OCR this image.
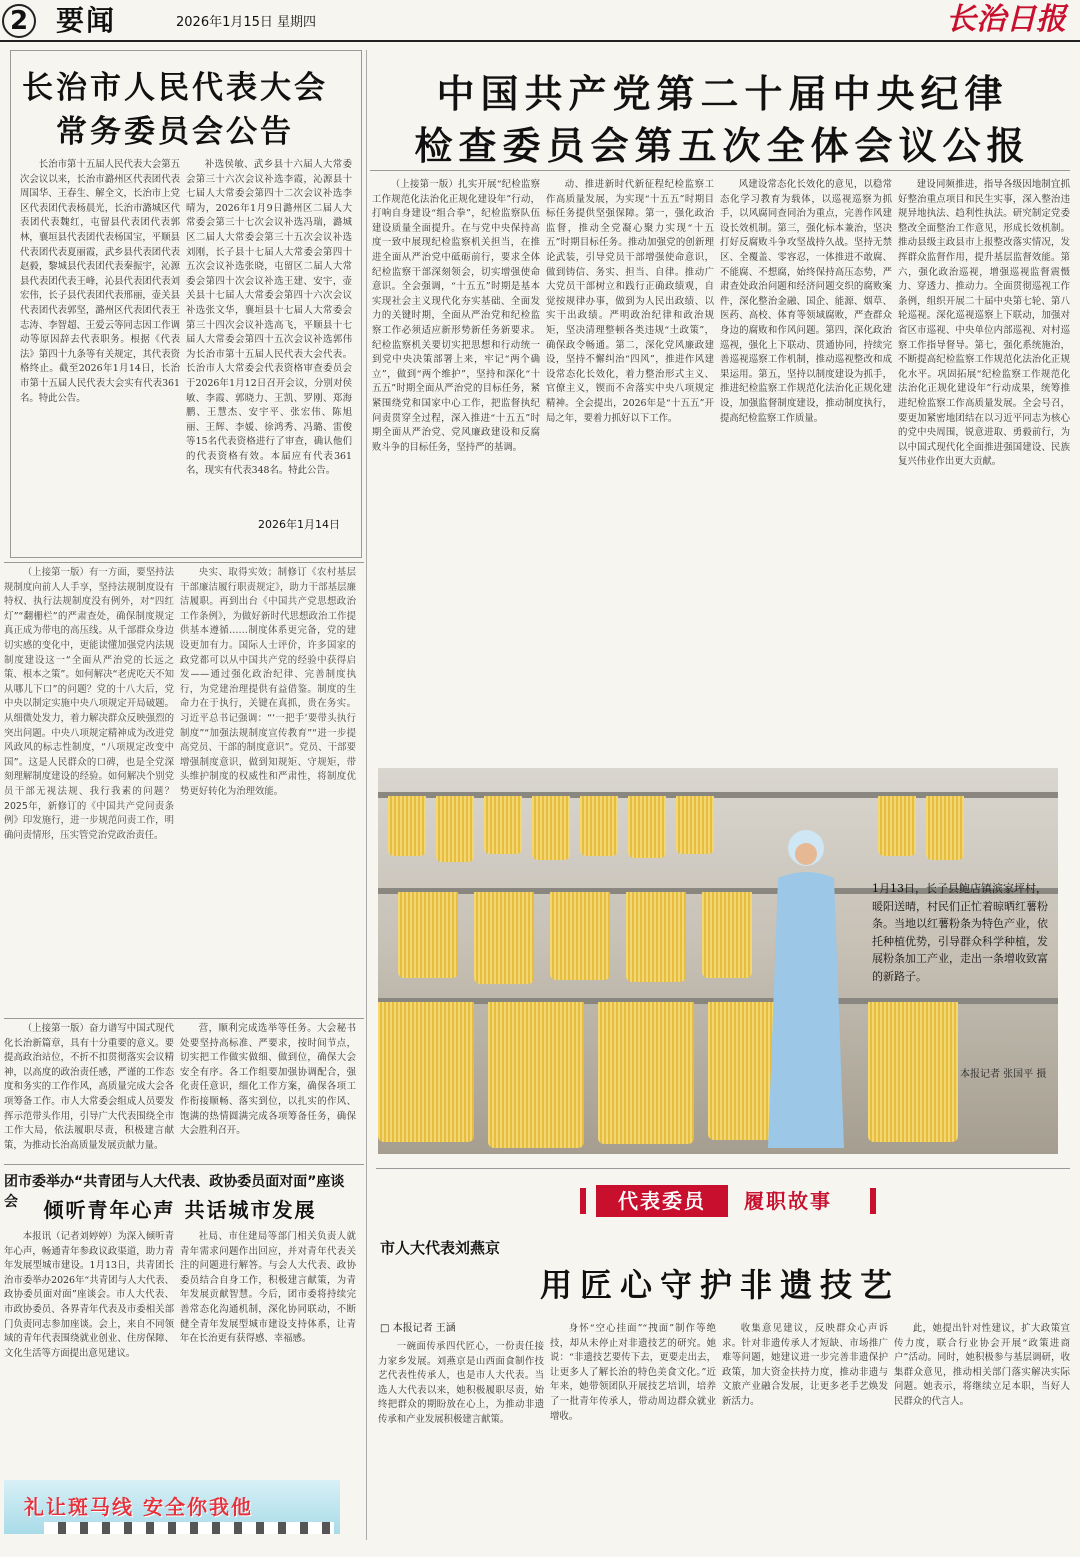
2 要闻	2026年1月15日 星期四	长治日报
长治市人民代表大会
常务委员会公告

长治市第十五届人民代表大会第五次会议以来，长治市潞州区代表团代表周国华、王春生、解全文，长治市上党区代表团代表杨晨光，长治市潞城区代表团代表魏红，屯留县代表团代表郭林，襄垣县代表团代表杨国宝，平顺县代表团代表夏丽霞，武乡县代表团代表赵毅，黎城县代表团代表秦振宇，沁源县代表团代表王峰，沁县代表团代表刘宏伟，长子县代表团代表邢丽，壶关县代表团代表郭坚，潞州区代表团代表王志涛、李智超、王爱云等同志因工作调动等原因辞去代表职务。根据《代表法》第四十九条等有关规定，其代表资格终止。截至2026年1月14日，长治市第十五届人民代表大会实有代表361名。特此公告。

补选侯敏、武乡县十六届人大常委会第三十六次会议补选李霞，沁源县十七届人大常委会第四十二次会议补选李晴为，2026年1月9日潞州区二届人大常委会第三十七次会议补选冯瑞，潞城区二届人大常委会第三十五次会议补选刘刚，长子县十七届人大常委会第四十五次会议补选张晓，屯留区二届人大常委会第四十次会议补选王建、安宇，壶关县十七届人大常委会第四十六次会议补选张文华，襄垣县十七届人大常委会第三十四次会议补选高飞，平顺县十七届人大常委会第四十五次会议补选郭伟为长治市第十五届人民代表大会代表。长治市人大常委会代表资格审查委员会于2026年1月12日召开会议，分别对侯敏、李霞、郭晓力、王凯、罗刚、郑海鹏、王慧杰、安宇平、张宏伟、陈旭丽、王辉、李媛、徐鸿秀、冯璐、雷俊等15名代表资格进行了审查，确认他们的代表资格有效。本届应有代表361名，现实有代表348名。特此公告。

2026年1月14日
中国共产党第二十届中央纪律
检查委员会第五次全体会议公报

（上接第一版）扎实开展“纪检监察工作规范化法治化正规化建设年”行动，打响自身建设“组合拳”，纪检监察队伍建设质量全面提升。在与党中央保持高度一致中展现纪检监察机关担当，在推进全面从严治党中砥砺前行，要求全体纪检监察干部深刻领会，切实增强使命意识。全会强调，“十五五”时期是基本实现社会主义现代化夯实基础、全面发力的关键时期，全面从严治党和纪检监察工作必须适应新形势新任务新要求。纪检监察机关要切实把思想和行动统一到党中央决策部署上来，牢记“两个确立”，做到“两个维护”，坚持和深化“十五五”时期全面从严治党的目标任务，紧紧围绕党和国家中心工作，把监督执纪问责贯穿全过程，深入推进“十五五”时期全面从严治党、党风廉政建设和反腐败斗争的目标任务，坚持严的基调。

动、推进新时代新征程纪检监察工作高质量发展，为实现“十五五”时期目标任务提供坚强保障。第一，强化政治监督，推动全党凝心聚力实现“十五五”时期目标任务。推动加强党的创新理论武装，引导党员干部增强使命意识，做到铸信、务实、担当、自律。推动广大党员干部树立和践行正确政绩观，自觉按规律办事，做到为人民出政绩、以实干出政绩。严明政治纪律和政治规矩，坚决清理整顿各类违规“土政策”，确保政令畅通。第二，深化党风廉政建设，坚持不懈纠治“四风”，推进作风建设常态化长效化，着力整治形式主义、官僚主义，锲而不舍落实中央八项规定精神。全会提出，2026年是“十五五”开局之年，要着力抓好以下工作。

风建设常态化长效化的意见，以稳常态化学习教育为载体，以巡视巡察为抓手，以风腐同查同治为重点，完善作风建设长效机制。第三，强化标本兼治，坚决打好反腐败斗争攻坚战持久战。坚持无禁区、全覆盖、零容忍，一体推进不敢腐、不能腐、不想腐，始终保持高压态势，严肃查处政治问题和经济问题交织的腐败案件，深化整治金融、国企、能源、烟草、医药、高校、体育等领域腐败，严查群众身边的腐败和作风问题。第四，深化政治巡视，强化上下联动、贯通协同，持续完善巡视巡察工作机制，推动巡视整改和成果运用。第五，坚持以制度建设为抓手，推进纪检监察工作规范化法治化正规化建设，加强监督制度建设，推动制度执行，提高纪检监察工作质量。

建设同频推进，指导各级因地制宜抓好整治重点项目和民生实事，深入整治违规异地执法、趋利性执法。研究制定党委整改全面整治工作意见，形成长效机制。推动县级主政县市上报整改落实情况，发挥群众监督作用，提升基层监督效能。第六，强化政治巡视，增强巡视监督震慑力、穿透力、推动力。全面贯彻巡视工作条例，组织开展二十届中央第七轮、第八轮巡视。深化巡视巡察上下联动，加强对省区市巡视、中央单位内部巡视、对村巡察工作指导督导。第七，强化系统施治，不断提高纪检监察工作规范化法治化正规化水平。巩固拓展“纪检监察工作规范化法治化正规化建设年”行动成果，统筹推进纪检监察工作高质量发展。全会号召，要更加紧密地团结在以习近平同志为核心的党中央周围，锐意进取、勇毅前行，为以中国式现代化全面推进强国建设、民族复兴伟业作出更大贡献。

（上接第一版）有一方面，要坚持法规制度向前人人手享，坚持法规制度设有特权、执行法规制度没有例外，对“四红灯”“翻栅栏”的严肃查处，确保制度规定真正成为带电的高压线。从千部群众身边切实感的变化中，更能读懂加强党内法规制度建设这一“全面从严治党的长远之策、根本之策”。如何解决“老虎吃天不知从哪儿下口”的问题？党的十八大后，党中央以制定实施中央八项规定开局破题。从细微处发力，着力解决群众反映强烈的突出问题。中央八项规定精神成为改进党风政风的标志性制度，“八项规定改变中国”。这是人民群众的口碑，也是全党深刻理解制度建设的经验。如何解决个别党员干部无视法规、我行我素的问题？2025年，新修订的《中国共产党问责条例》印发施行，进一步规范问责工作，明确问责情形，压实管党治党政治责任。

央实、取得实效；制修订《农村基层干部廉洁履行职责规定》，助力干部基层廉洁履职。再到出台《中国共产党思想政治工作条例》，为做好新时代思想政治工作提供基本遵循……制度体系更完备，党的建设更加有力。国际人士评价，许多国家的政党都可以从中国共产党的经验中获得启发——通过强化政治纪律、完善制度执行，为党建治理提供有益借鉴。制度的生命力在于执行，关键在真抓，贵在务实。习近平总书记强调：“‘一把手’要带头执行制度”“加强法规制度宣传教育”“进一步提高党员、干部的制度意识”。党员、干部要增强制度意识，做到知规矩、守规矩，带头维护制度的权威性和严肃性，将制度优势更好转化为治理效能。

（上接第一版）奋力谱写中国式现代化长治新篇章，具有十分重要的意义。要提高政治站位，不折不扣贯彻落实会议精神，以高度的政治责任感，严谨的工作态度和务实的工作作风，高质量完成大会各项筹备工作。市人大常委会组成人员要发挥示范带头作用，引导广大代表围绕全市工作大局，依法履职尽责，积极建言献策，为推动长治高质量发展贡献力量。

营，顺利完成选举等任务。大会秘书处要坚持高标准、严要求，按时间节点，切实把工作做实做细、做到位，确保大会安全有序。各工作组要加强协调配合，强化责任意识，细化工作方案，确保各项工作衔接顺畅、落实到位，以扎实的作风、饱满的热情圆满完成各项筹备任务，确保大会胜利召开。

1月13日，长子县鲍店镇滨家坪村，暖阳送晴，村民们正忙着晾晒红薯粉条。当地以红薯粉条为特色产业，依托种植优势，引导群众科学种植，发展粉条加工产业，走出一条增收致富的新路子。
本报记者 张国平 摄
团市委举办“共青团与人大代表、政协委员面对面”座谈会	倾听青年心声 共话城市发展

本报讯（记者刘婷婷）为深入倾听青年心声，畅通青年参政议政渠道，助力青年发展型城市建设。1月13日，共青团长治市委举办2026年“共青团与人大代表、政协委员面对面”座谈会。市人大代表、市政协委员、各界青年代表及市委相关部门负责同志参加座谈。会上，来自不同领域的青年代表围绕就业创业、住房保障、文化生活等方面提出意见建议。

社局、市住建局等部门相关负责人就青年需求问题作出回应，并对青年代表关注的问题进行解答。与会人大代表、政协委员结合自身工作，积极建言献策，为青年发展贡献智慧。今后，团市委将持续完善常态化沟通机制，深化协同联动，不断健全青年发展型城市建设支持体系，让青年在长治更有获得感、幸福感。

礼让斑马线 安全你我他
代表委员	履职故事
市人大代表刘燕京
用匠心守护非遗技艺
□ 本报记者 王涵

一碗面传承四代匠心，一份责任接力家乡发展。刘燕京是山西面食制作技艺代表性传承人，也是市人大代表。当选人大代表以来，她积极履职尽责，始终把群众的期盼放在心上，为推动非遗传承和产业发展积极建言献策。

身怀“空心挂面”“拽面”制作等绝技，却从未停止对非遗技艺的研究。她说：“非遗技艺要传下去，更要走出去，让更多人了解长治的特色美食文化。”近年来，她带领团队开展技艺培训，培养了一批青年传承人，带动周边群众就业增收。

收集意见建议，反映群众心声诉求。针对非遗传承人才短缺、市场推广难等问题，她建议进一步完善非遗保护政策，加大资金扶持力度，推动非遗与文旅产业融合发展，让更多老手艺焕发新活力。

此，她提出针对性建议，扩大政策宣传力度，联合行业协会开展“政策进商户”活动。同时，她积极参与基层调研，收集群众意见，推动相关部门落实解决实际问题。她表示，将继续立足本职，当好人民群众的代言人。
